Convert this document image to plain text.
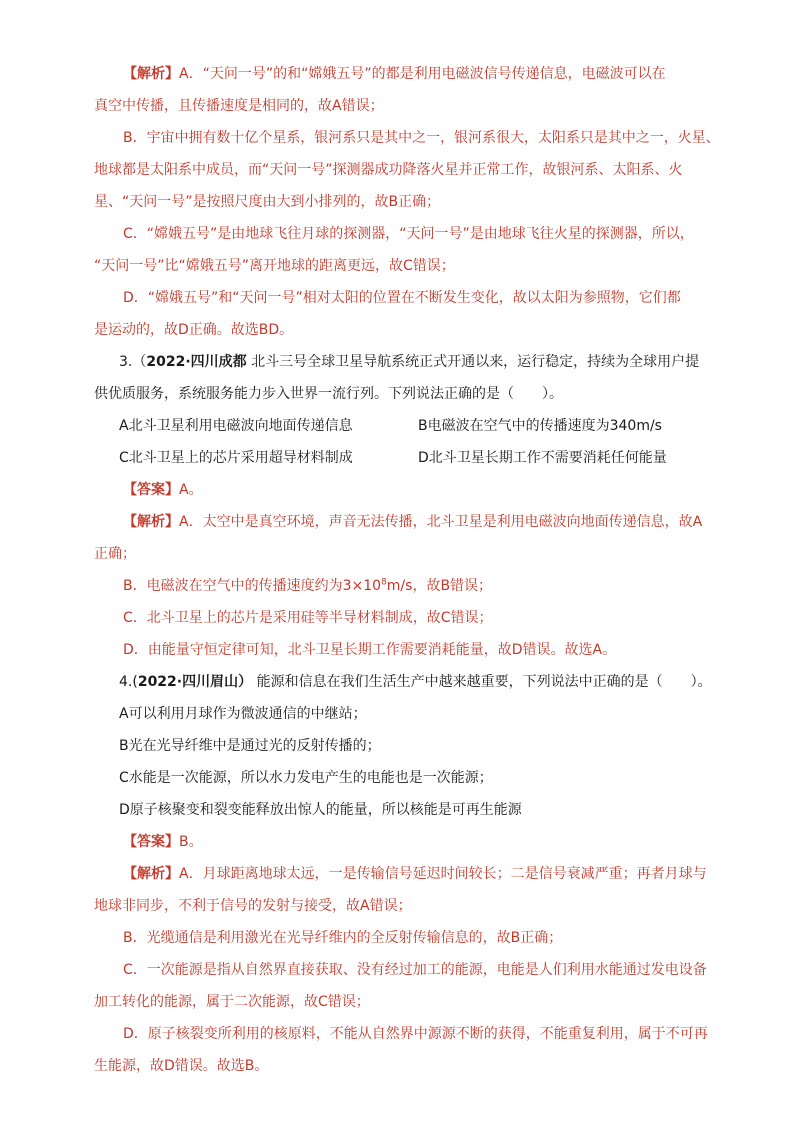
【解析】A．“天问一号”的和“嫦娥五号”的都是利用电磁波信号传递信息，电磁波可以在
真空中传播，且传播速度是相同的，故A错误；
B．宇宙中拥有数十亿个星系，银河系只是其中之一，银河系很大，太阳系只是其中之一，火星、
地球都是太阳系中成员，而“天问一号”探测器成功降落火星并正常工作，故银河系、太阳系、火
星、“天问一号”是按照尺度由大到小排列的，故B正确；
C．“嫦娥五号”是由地球飞往月球的探测器，“天问一号”是由地球飞往火星的探测器，所以，
“天问一号”比“嫦娥五号”离开地球的距离更远，故C错误；
D．“嫦娥五号”和“天问一号”相对太阳的位置在不断发生变化，故以太阳为参照物，它们都
是运动的，故D正确。故选BD。
3.（2022·四川成都 北斗三号全球卫星导航系统正式开通以来，运行稳定，持续为全球用户提
供优质服务，系统服务能力步入世界一流行列。下列说法正确的是（　　）。
A北斗卫星利用电磁波向地面传递信息	B电磁波在空气中的传播速度为340m/s
C北斗卫星上的芯片采用超导材料制成	D北斗卫星长期工作不需要消耗任何能量
【答案】A。
【解析】A．太空中是真空环境，声音无法传播，北斗卫星是利用电磁波向地面传递信息，故A
正确；
B．电磁波在空气中的传播速度约为$3\times 10^8m/s$，故B错误；
C．北斗卫星上的芯片是采用硅等半导材料制成，故C错误；
D．由能量守恒定律可知，北斗卫星长期工作需要消耗能量，故D错误。故选A。
4.(2022·四川眉山） 能源和信息在我们生活生产中越来越重要，下列说法中正确的是（　　）。
A可以利用月球作为微波通信的中继站；
B光在光导纤维中是通过光的反射传播的；
C水能是一次能源，所以水力发电产生的电能也是一次能源；
D原子核聚变和裂变能释放出惊人的能量，所以核能是可再生能源
【答案】B。
【解析】A．月球距离地球太远，一是传输信号延迟时间较长；二是信号衰减严重；再者月球与
地球非同步，不利于信号的发射与接受，故A错误；
B．光缆通信是利用激光在光导纤维内的全反射传输信息的，故B正确；
C．一次能源是指从自然界直接获取、没有经过加工的能源，电能是人们利用水能通过发电设备
加工转化的能源，属于二次能源，故C错误；
D．原子核裂变所利用的核原料，不能从自然界中源源不断的获得，不能重复利用，属于不可再
生能源，故D错误。故选B。
